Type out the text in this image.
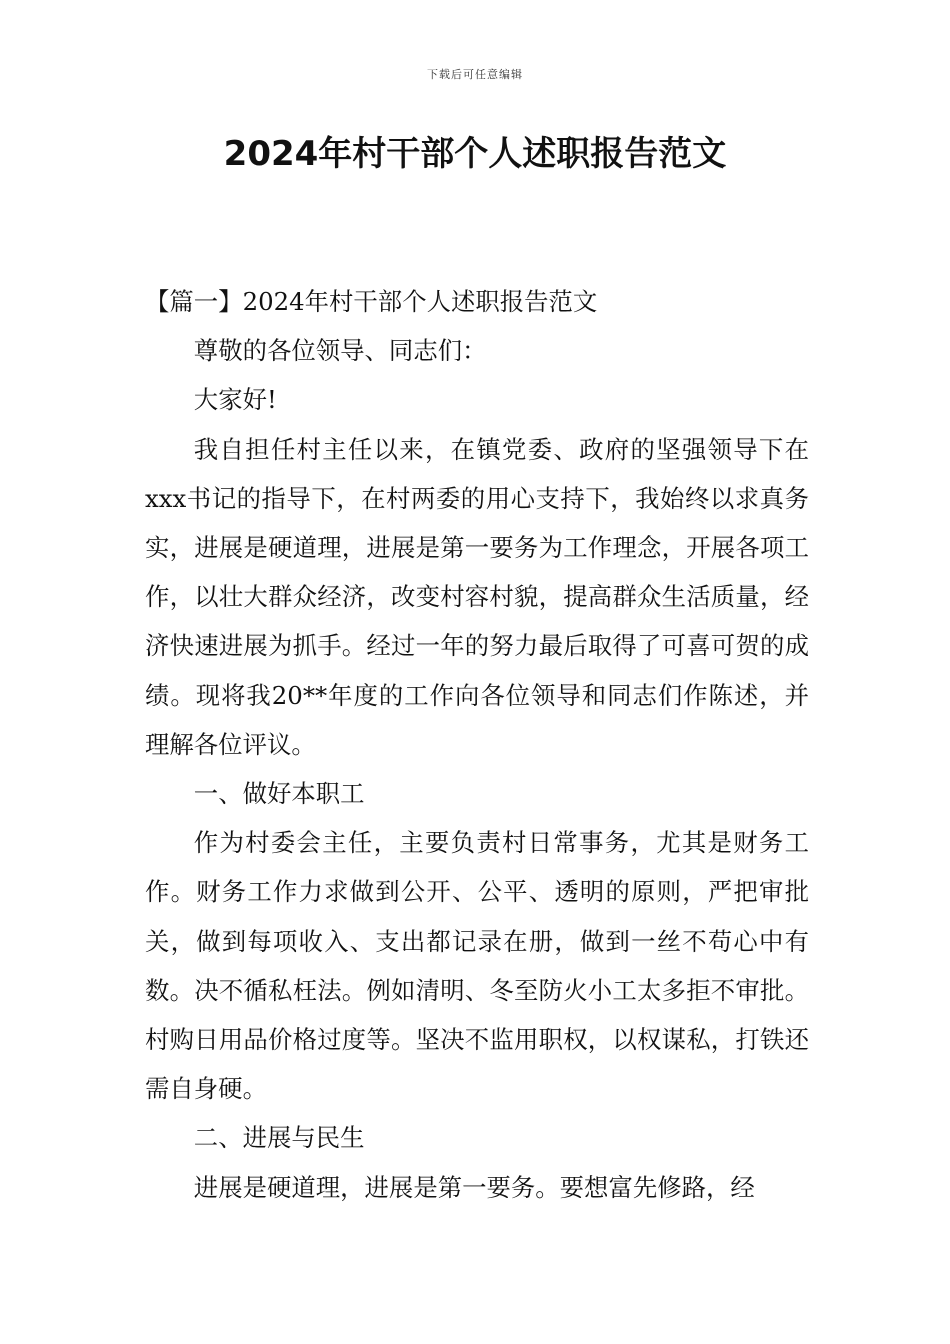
下载后可任意编辑
2024年村干部个人述职报告范文

【篇一】2024年村干部个人述职报告范文

尊敬的各位领导、同志们：

大家好!

我自担任村主任以来，在镇党委、政府的坚强领导下在xxx书记的指导下，在村两委的用心支持下，我始终以求真务实，进展是硬道理，进展是第一要务为工作理念，开展各项工作，以壮大群众经济，改变村容村貌，提高群众生活质量，经济快速进展为抓手。经过一年的努力最后取得了可喜可贺的成绩。现将我20**年度的工作向各位领导和同志们作陈述，并理解各位评议。

一、做好本职工

作为村委会主任，主要负责村日常事务，尤其是财务工作。财务工作力求做到公开、公平、透明的原则，严把审批关，做到每项收入、支出都记录在册，做到一丝不苟心中有数。决不循私枉法。例如清明、冬至防火小工太多拒不审批。村购日用品价格过度等。坚决不监用职权，以权谋私，打铁还需自身硬。

二、进展与民生

进展是硬道理，进展是第一要务。要想富先修路，经
